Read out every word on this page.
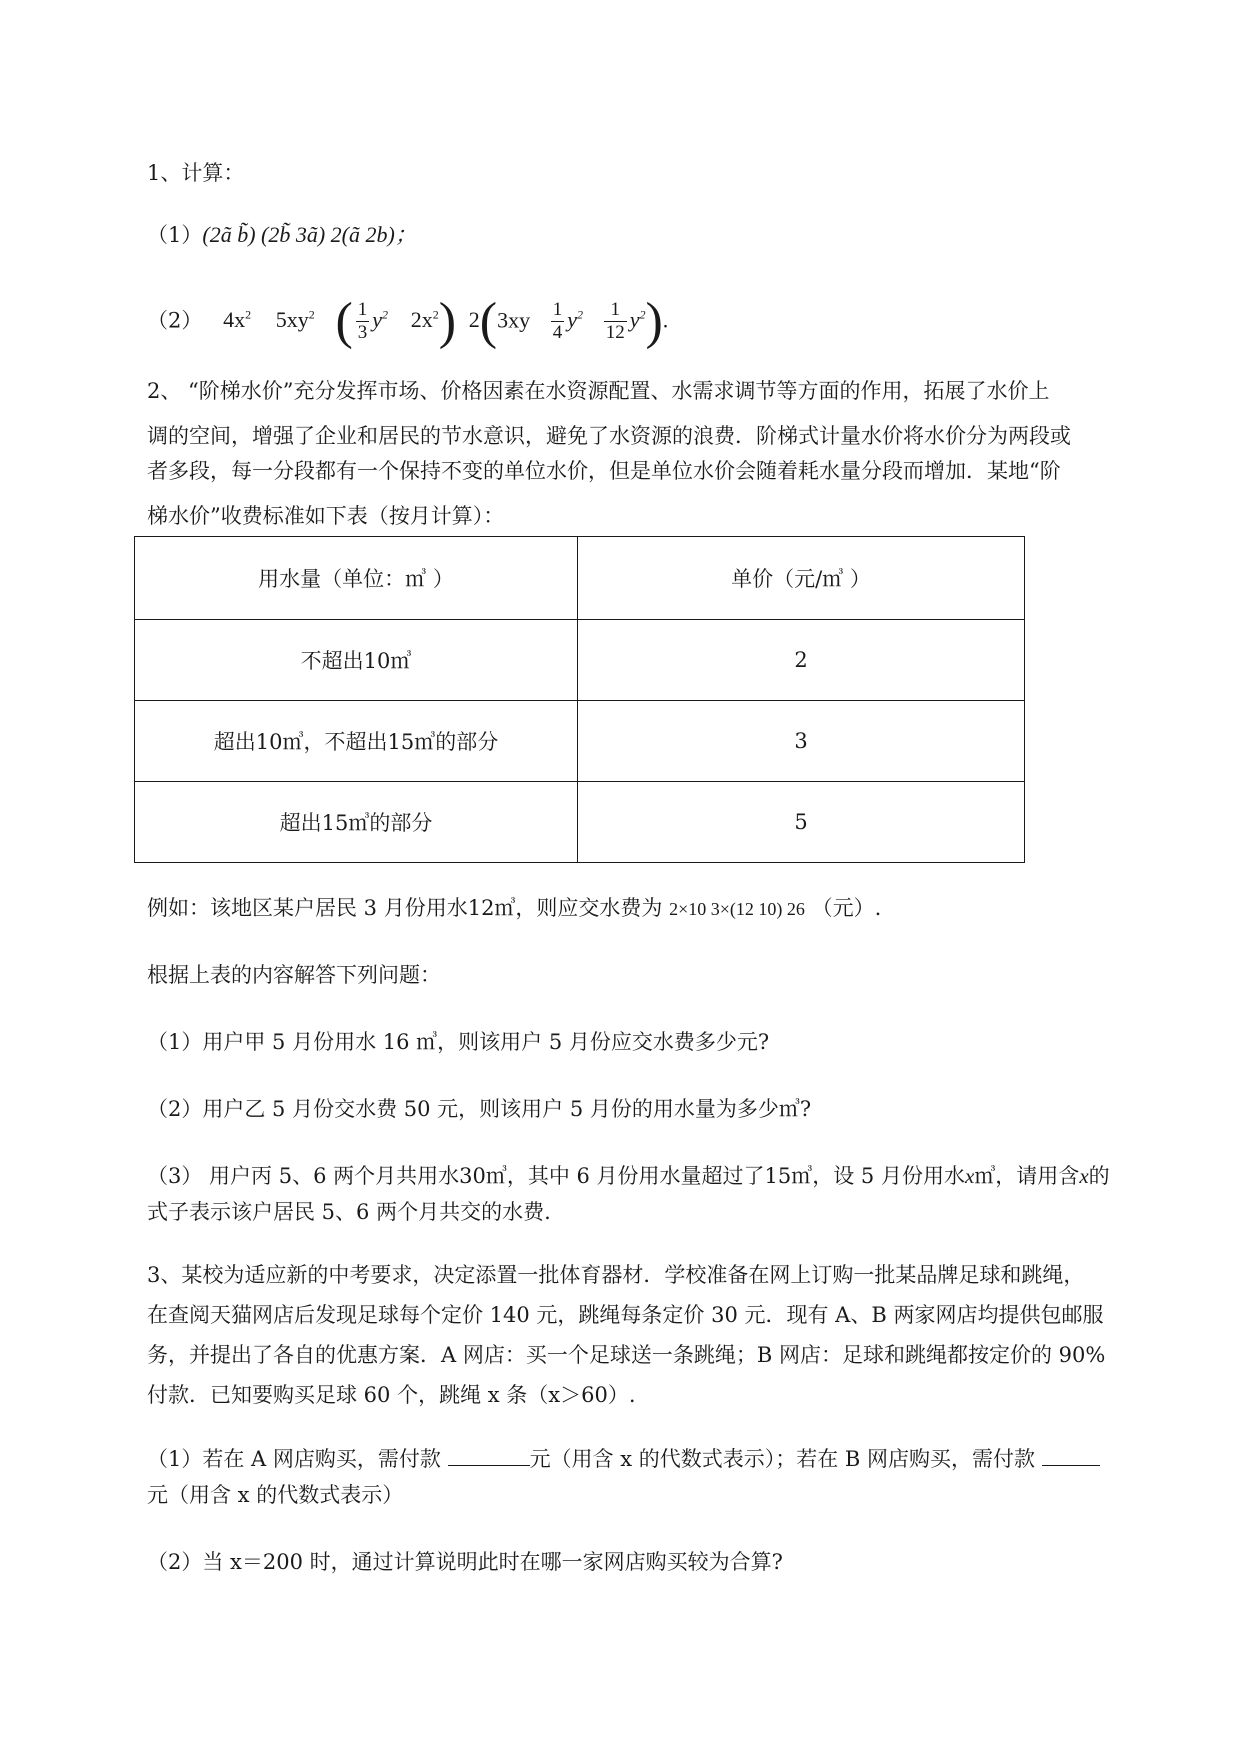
1、计算：
（1）(2ã b̃) (2b̃ 3ã) 2(ã 2b)；
（2） $4x^2$ $5xy^2$ ( $\frac{1}{3} y^2$ $2x^2$) $2(3xy \frac{1}{4} y^2 \frac{1}{12} y^2)$.
2、 “阶梯水价”充分发挥市场、价格因素在水资源配置、水需求调节等方面的作用，拓展了水价上
调的空间，增强了企业和居民的节水意识，避免了水资源的浪费．阶梯式计量水价将水价分为两段或
者多段，每一分段都有一个保持不变的单位水价，但是单位水价会随着耗水量分段而增加．某地“阶
梯水价”收费标准如下表（按月计算）：
用水量（单位：㎥ ）	单价（元/㎥ ）
不超出10㎥	2
超出10㎥，不超出15㎥的部分	3
超出15㎥的部分	5
例如：该地区某户居民 3 月份用水12㎥，则应交水费为 2×10 3×(12 10) 26 （元）.
根据上表的内容解答下列问题：
（1）用户甲 5 月份用水 16 ㎥，则该用户 5 月份应交水费多少元?
（2）用户乙 5 月份交水费 50 元，则该用户 5 月份的用水量为多少㎥?
（3） 用户丙 5、6 两个月共用水30㎥，其中 6 月份用水量超过了15㎥，设 5 月份用水x㎥，请用含x的
式子表示该户居民 5、6 两个月共交的水费.
3、某校为适应新的中考要求，决定添置一批体育器材．学校准备在网上订购一批某品牌足球和跳绳，
在查阅天猫网店后发现足球每个定价 140 元，跳绳每条定价 30 元．现有 A、B 两家网店均提供包邮服
务，并提出了各自的优惠方案．A 网店：买一个足球送一条跳绳；B 网店：足球和跳绳都按定价的 90%
付款．已知要购买足球 60 个，跳绳 x 条（x＞60）.
（1）若在 A 网店购买，需付款	元（用含 x 的代数式表示）；若在 B 网店购买，需付款
元（用含 x 的代数式表示）
（2）当 x＝200 时，通过计算说明此时在哪一家网店购买较为合算?
